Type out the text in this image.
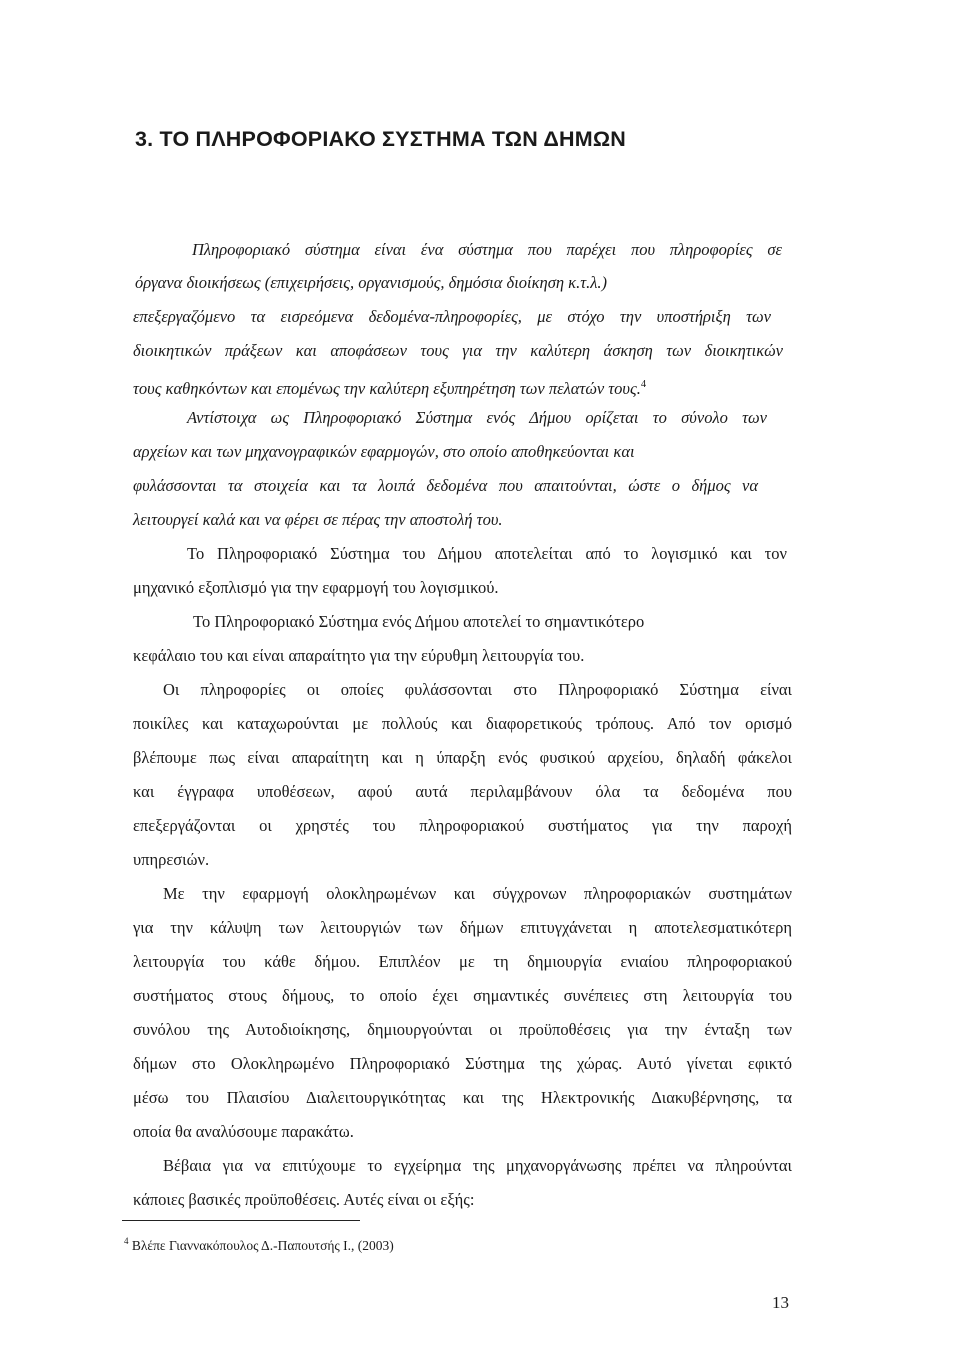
3. ΤΟ ΠΛΗΡΟΦΟΡΙΑΚΟ ΣΥΣΤΗΜΑ ΤΩΝ ΔΗΜΩΝ
Πληροφοριακό σύστημα είναι ένα σύστημα που παρέχει που πληροφορίες σε
όργανα διοικήσεως (επιχειρήσεις, οργανισμούς, δημόσια διοίκηση κ.τ.λ.)
επεξεργαζόμενο τα εισρεόμενα δεδομένα-πληροφορίες, με στόχο την υποστήριξη των
διοικητικών πράξεων και αποφάσεων τους για την καλύτερη άσκηση των διοικητικών
τους καθηκόντων και επομένως την καλύτερη εξυπηρέτηση των πελατών τους.$^4$
Αντίστοιχα ως Πληροφοριακό Σύστημα ενός Δήμου ορίζεται το σύνολο των
αρχείων και των μηχανογραφικών εφαρμογών, στο οποίο αποθηκεύονται και
φυλάσσονται τα στοιχεία και τα λοιπά δεδομένα που απαιτούνται, ώστε ο δήμος να
λειτουργεί καλά και να φέρει σε πέρας την αποστολή του.
Το Πληροφοριακό Σύστημα του Δήμου αποτελείται από το λογισμικό και τον
μηχανικό εξοπλισμό για την εφαρμογή του λογισμικού.
Το Πληροφοριακό Σύστημα ενός Δήμου αποτελεί το σημαντικότερο
κεφάλαιο του και είναι απαραίτητο για την εύρυθμη λειτουργία του.
Οι πληροφορίες οι οποίες φυλάσσονται στο Πληροφοριακό Σύστημα είναι
ποικίλες και καταχωρούνται με πολλούς και διαφορετικούς τρόπους. Από τον ορισμό
βλέπουμε πως είναι απαραίτητη και η ύπαρξη ενός φυσικού αρχείου, δηλαδή φάκελοι
και έγγραφα υποθέσεων, αφού αυτά περιλαμβάνουν όλα τα δεδομένα που
επεξεργάζονται οι χρηστές του πληροφοριακού συστήματος για την παροχή
υπηρεσιών.
Με την εφαρμογή ολοκληρωμένων και σύγχρονων πληροφοριακών συστημάτων
για την κάλυψη των λειτουργιών των δήμων επιτυγχάνεται η αποτελεσματικότερη
λειτουργία του κάθε δήμου. Επιπλέον με τη δημιουργία ενιαίου πληροφοριακού
συστήματος στους δήμους, το οποίο έχει σημαντικές συνέπειες στη λειτουργία του
συνόλου της Αυτοδιοίκησης, δημιουργούνται οι προϋποθέσεις για την ένταξη των
δήμων στο Ολοκληρωμένο Πληροφοριακό Σύστημα της χώρας. Αυτό γίνεται εφικτό
μέσω του Πλαισίου Διαλειτουργικότητας και της Ηλεκτρονικής Διακυβέρνησης, τα
οποία θα αναλύσουμε παρακάτω.
Βέβαια για να επιτύχουμε το εγχείρημα της μηχανοργάνωσης πρέπει να πληρούνται
κάποιες βασικές προϋποθέσεις. Αυτές είναι οι εξής:
$^4$ Βλέπε Γιαννακόπουλος Δ.-Παπουτσής Ι., (2003)
13
